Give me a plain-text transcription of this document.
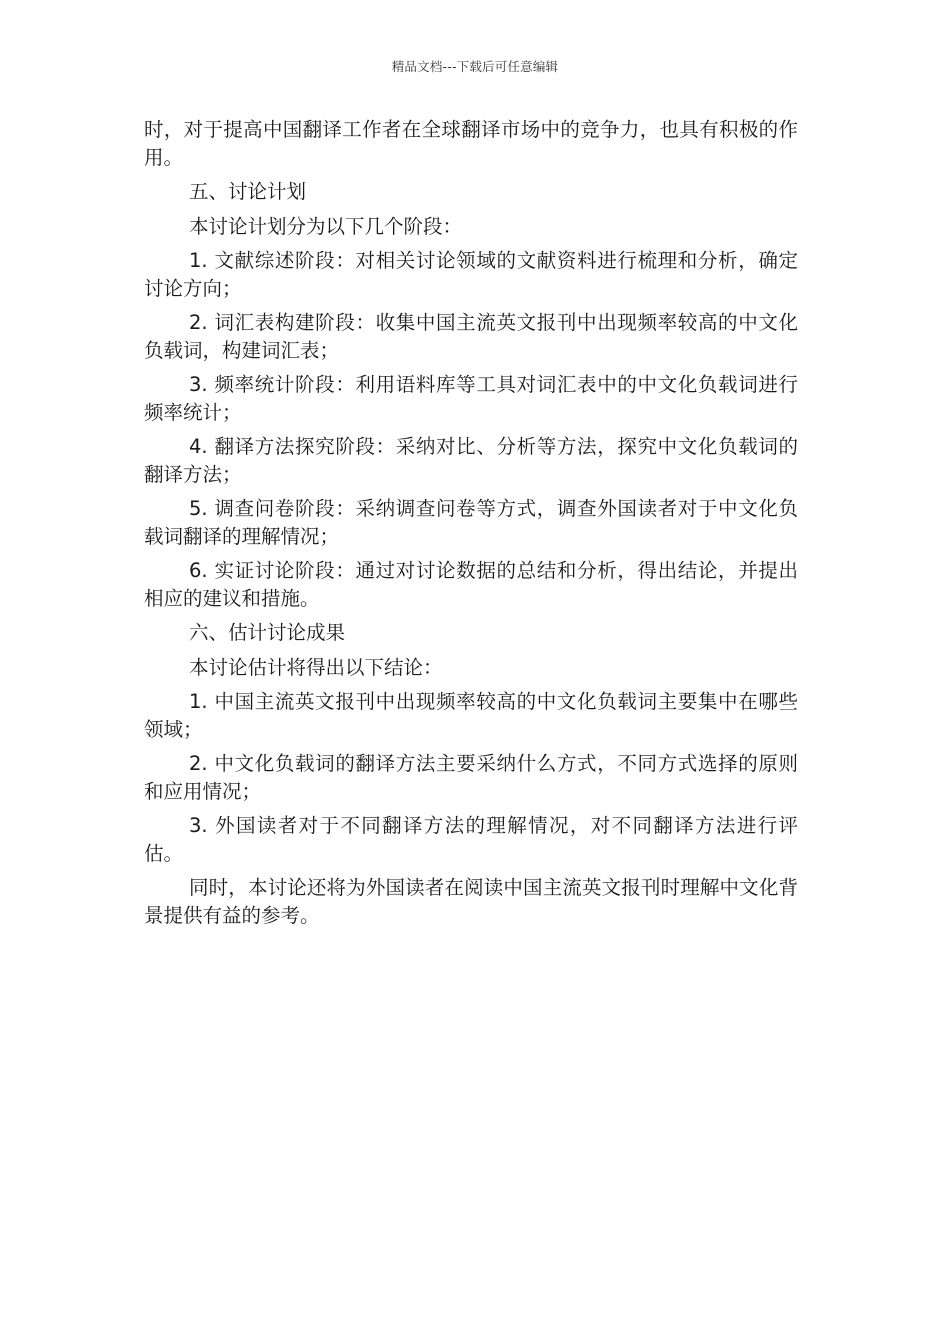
精品文档---下载后可任意编辑

时，对于提高中国翻译工作者在全球翻译市场中的竞争力，也具有积极的作用。

五、讨论计划

本讨论计划分为以下几个阶段：

1. 文献综述阶段：对相关讨论领域的文献资料进行梳理和分析，确定讨论方向；

2. 词汇表构建阶段：收集中国主流英文报刊中出现频率较高的中文化负载词，构建词汇表；

3. 频率统计阶段：利用语料库等工具对词汇表中的中文化负载词进行频率统计；

4. 翻译方法探究阶段：采纳对比、分析等方法，探究中文化负载词的翻译方法；

5. 调查问卷阶段：采纳调查问卷等方式，调查外国读者对于中文化负载词翻译的理解情况；

6. 实证讨论阶段：通过对讨论数据的总结和分析，得出结论，并提出相应的建议和措施。

六、估计讨论成果

本讨论估计将得出以下结论：

1. 中国主流英文报刊中出现频率较高的中文化负载词主要集中在哪些领域；

2. 中文化负载词的翻译方法主要采纳什么方式，不同方式选择的原则和应用情况；

3. 外国读者对于不同翻译方法的理解情况，对不同翻译方法进行评估。

同时，本讨论还将为外国读者在阅读中国主流英文报刊时理解中文化背景提供有益的参考。
